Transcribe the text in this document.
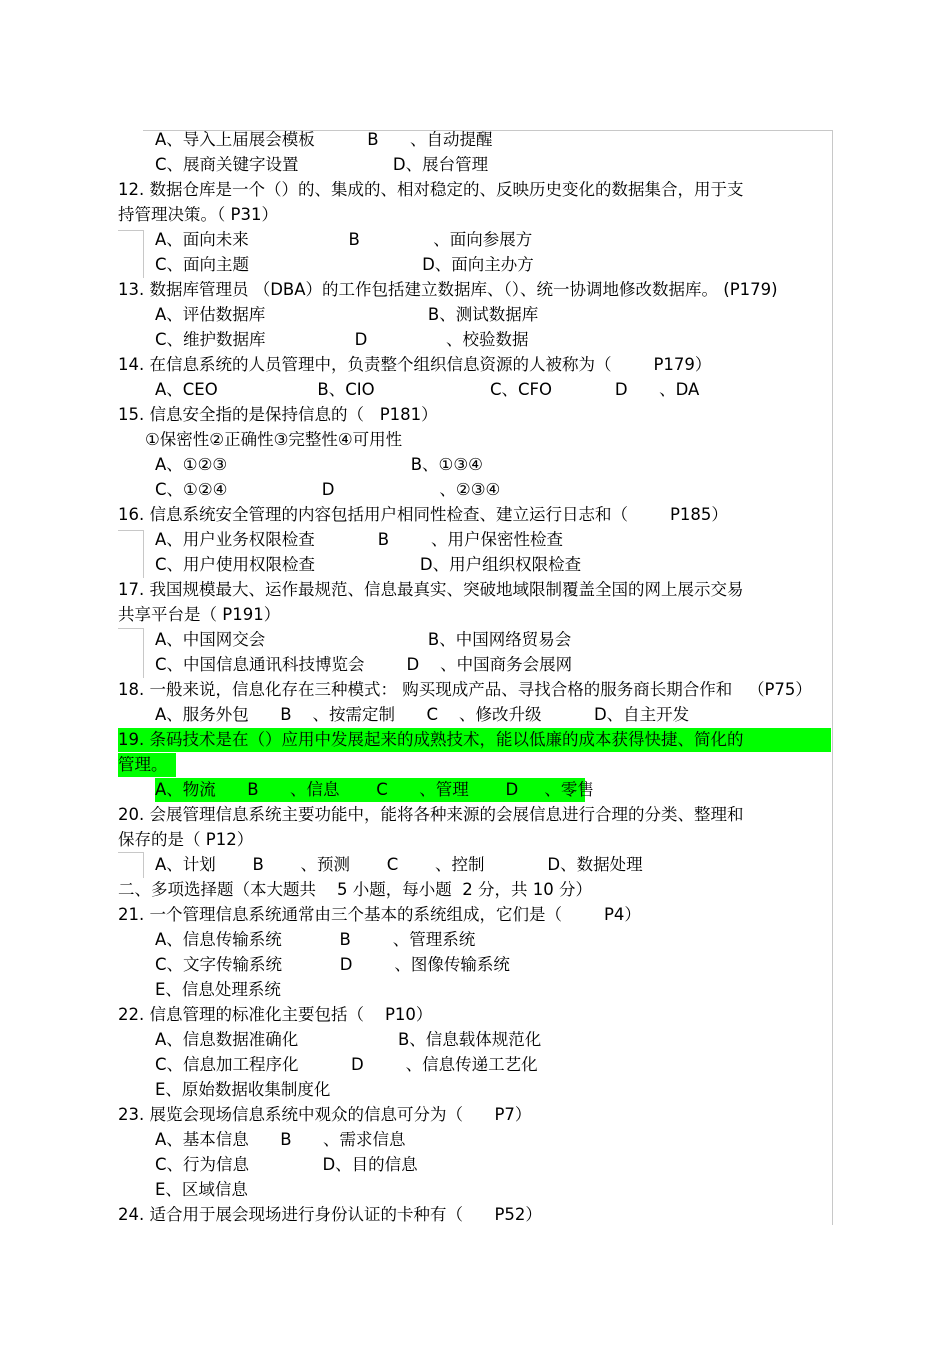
A、导入上届展会模板          B      、自动提醒
C、展商关键字设置                  D、展台管理
12. 数据仓库是一个（）的、集成的、相对稳定的、反映历史变化的数据集合，用于支
持管理决策。（ P31）
A、面向未来                   B              、面向参展方
C、面向主题                                 D、面向主办方
13. 数据库管理员 （DBA）的工作包括建立数据库、（）、统一协调地修改数据库。 (P179)
A、评估数据库                               B、测试数据库
C、维护数据库                 D               、校验数据
14. 在信息系统的人员管理中，负责整个组织信息资源的人被称为（        P179）
A、CEO                   B、CIO                      C、CFO            D      、DA
15. 信息安全指的是保持信息的（   P181）
①保密性②正确性③完整性④可用性
A、①②③                                   B、①③④
C、①②④                  D                    、②③④
16. 信息系统安全管理的内容包括用户相同性检查、建立运行日志和（        P185）
A、用户业务权限检查            B        、用户保密性检查
C、用户使用权限检查                    D、用户组织权限检查
17. 我国规模最大、运作最规范、信息最真实、突破地域限制覆盖全国的网上展示交易
共享平台是（ P191）
A、中国网交会                               B、中国网络贸易会
C、中国信息通讯科技博览会        D    、中国商务会展网
18. 一般来说，信息化存在三种模式： 购买现成产品、寻找合格的服务商长期合作和   （P75）
A、服务外包      B    、按需定制      C    、修改升级          D、自主开发
19. 条码技术是在（）应用中发展起来的成熟技术，能以低廉的成本获得快捷、简化的
管理。
A、物流      B      、信息       C      、管理       D     、零售
20. 会展管理信息系统主要功能中，能将各种来源的会展信息进行合理的分类、整理和
保存的是（ P12）
A、计划       B       、预测       C       、控制            D、数据处理
二、多项选择题（本大题共    5 小题，每小题  2 分，共 10 分）
21. 一个管理信息系统通常由三个基本的系统组成，它们是（        P4）
A、信息传输系统           B        、管理系统
C、文字传输系统           D        、图像传输系统
E、信息处理系统
22. 信息管理的标准化主要包括（    P10）
A、信息数据准确化                   B、信息载体规范化
C、信息加工程序化          D        、信息传递工艺化
E、原始数据收集制度化
23. 展览会现场信息系统中观众的信息可分为（      P7）
A、基本信息      B      、需求信息
C、行为信息              D、目的信息
E、区域信息
24. 适合用于展会现场进行身份认证的卡种有（      P52）
